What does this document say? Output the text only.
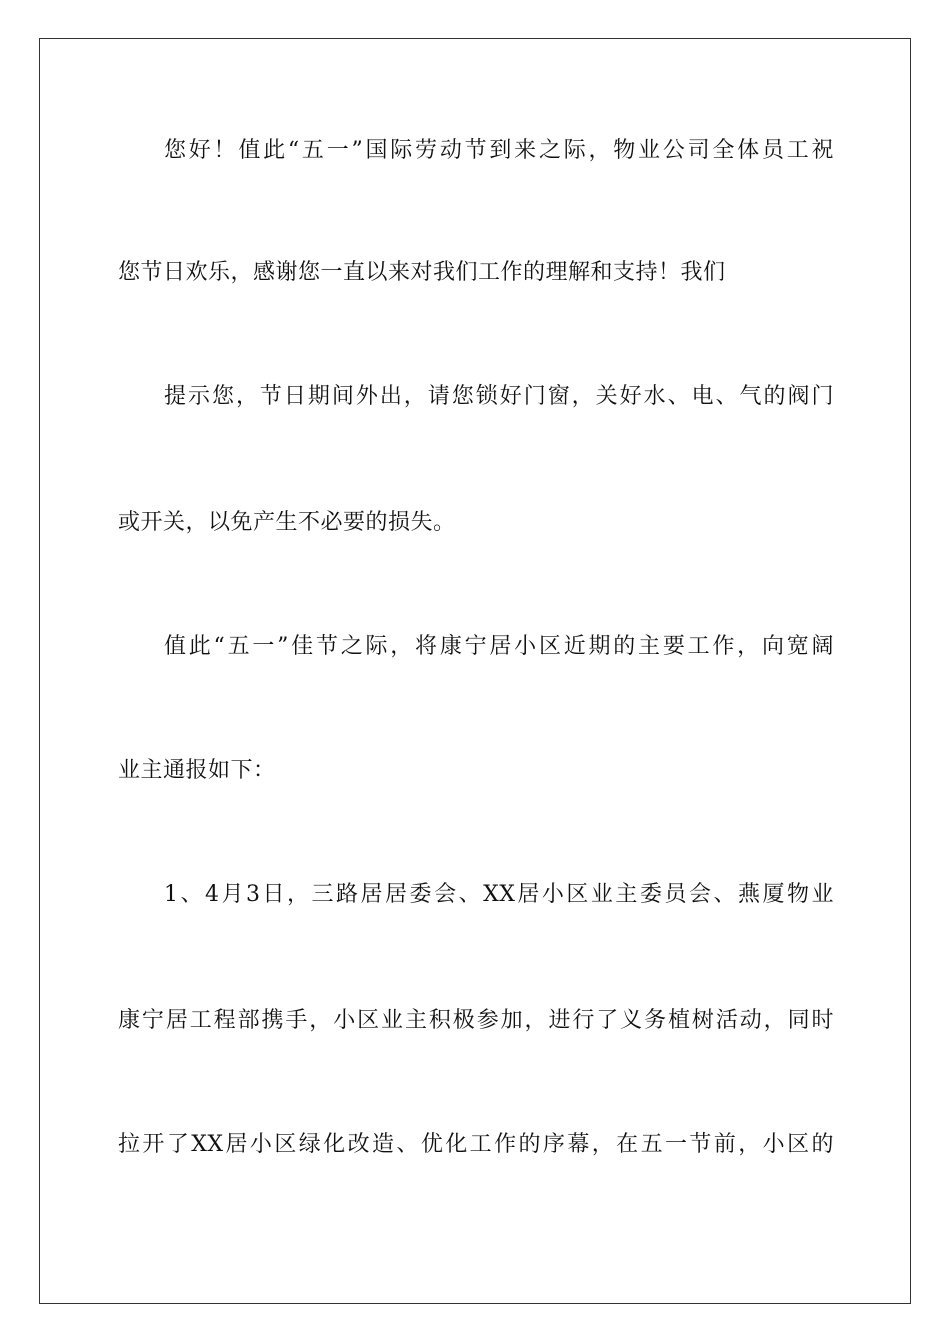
您好！值此“五一”国际劳动节到来之际，物业公司全体员工祝
您节日欢乐，感谢您一直以来对我们工作的理解和支持！我们
提示您，节日期间外出，请您锁好门窗，关好水、电、气的阀门
或开关，以免产生不必要的损失。
值此“五一”佳节之际，将康宁居小区近期的主要工作，向宽阔
业主通报如下：
1、4月3日，三路居居委会、XX居小区业主委员会、燕厦物业
康宁居工程部携手，小区业主积极参加，进行了义务植树活动，同时
拉开了XX居小区绿化改造、优化工作的序幕，在五一节前，小区的
